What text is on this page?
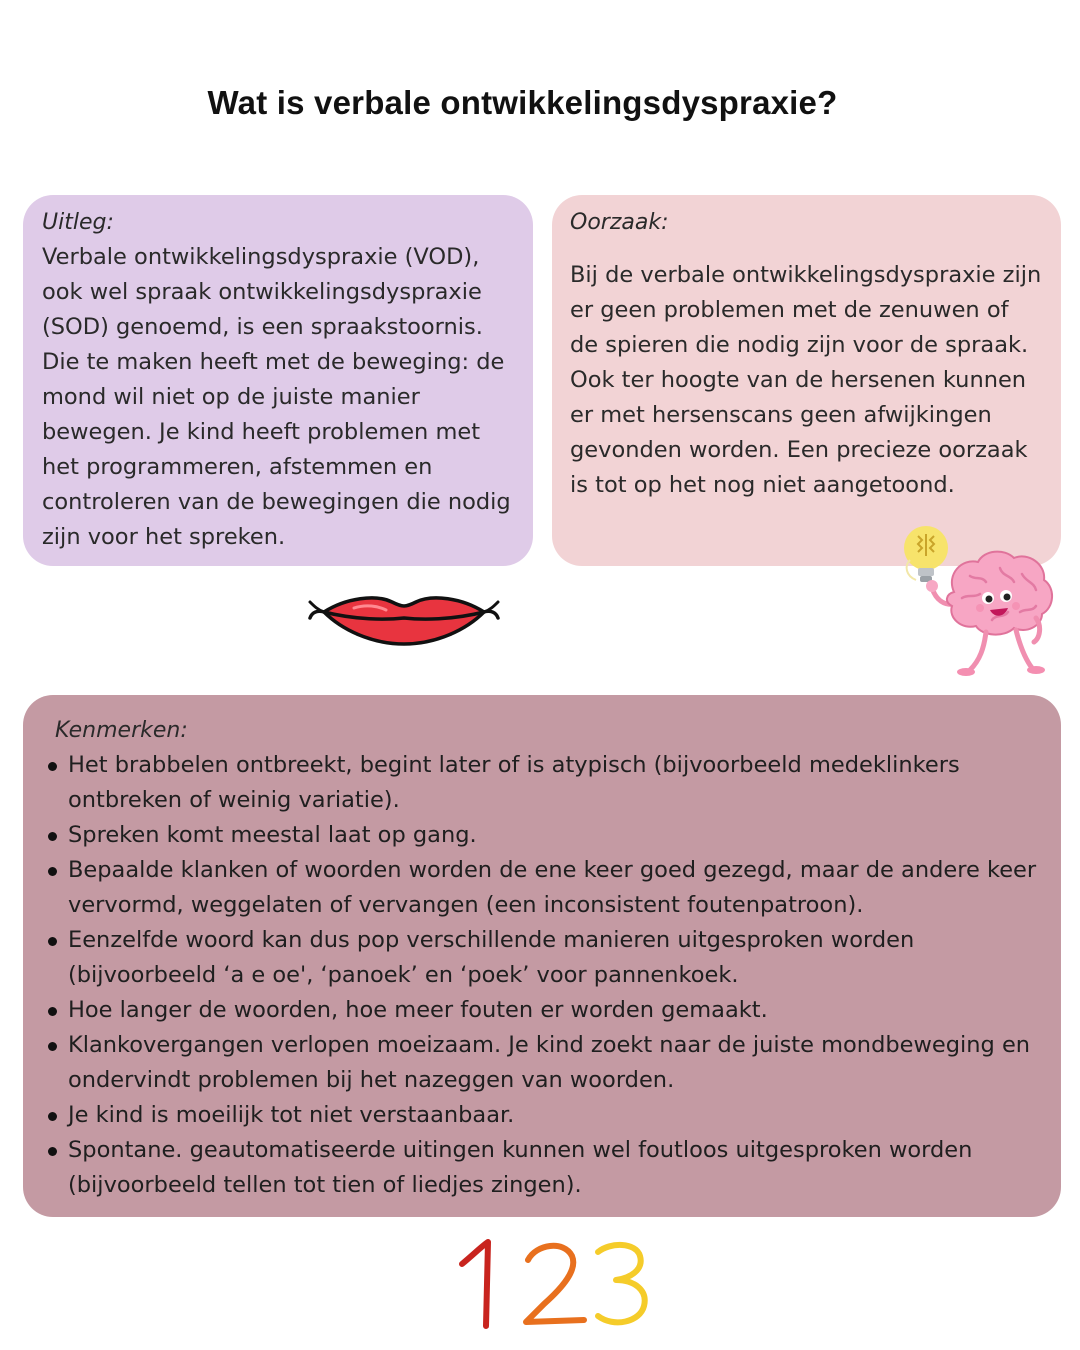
Wat is verbale ontwikkelingsdyspraxie?
Uitleg:
Verbale ontwikkelingsdyspraxie (VOD), ook wel spraak ontwikkelingsdyspraxie (SOD) genoemd, is een spraakstoornis. Die te maken heeft met de beweging: de mond wil niet op de juiste manier bewegen. Je kind heeft problemen met het programmeren, afstemmen en controleren van de bewegingen die nodig zijn voor het spreken.
Oorzaak:
Bij de verbale ontwikkelingsdyspraxie zijn er geen problemen met de zenuwen of de spieren die nodig zijn voor de spraak. Ook ter hoogte van de hersenen kunnen er met hersenscans geen afwijkingen gevonden worden. Een precieze oorzaak is tot op het nog niet aangetoond.
Kenmerken:
Het brabbelen ontbreekt, begint later of is atypisch (bijvoorbeeld medeklinkers ontbreken of weinig variatie).
Spreken komt meestal laat op gang.
Bepaalde klanken of woorden worden de ene keer goed gezegd, maar de andere keer vervormd, weggelaten of vervangen (een inconsistent foutenpatroon).
Eenzelfde woord kan dus pop verschillende manieren uitgesproken worden (bijvoorbeeld ‘a e oe', ‘panoek’ en ‘poek’ voor pannenkoek.
Hoe langer de woorden, hoe meer fouten er worden gemaakt.
Klankovergangen verlopen moeizaam. Je kind zoekt naar de juiste mondbeweging en ondervindt problemen bij het nazeggen van woorden.
Je kind is moeilijk tot niet verstaanbaar.
Spontane. geautomatiseerde uitingen kunnen wel foutloos uitgesproken worden (bijvoorbeeld tellen tot tien of liedjes zingen).
